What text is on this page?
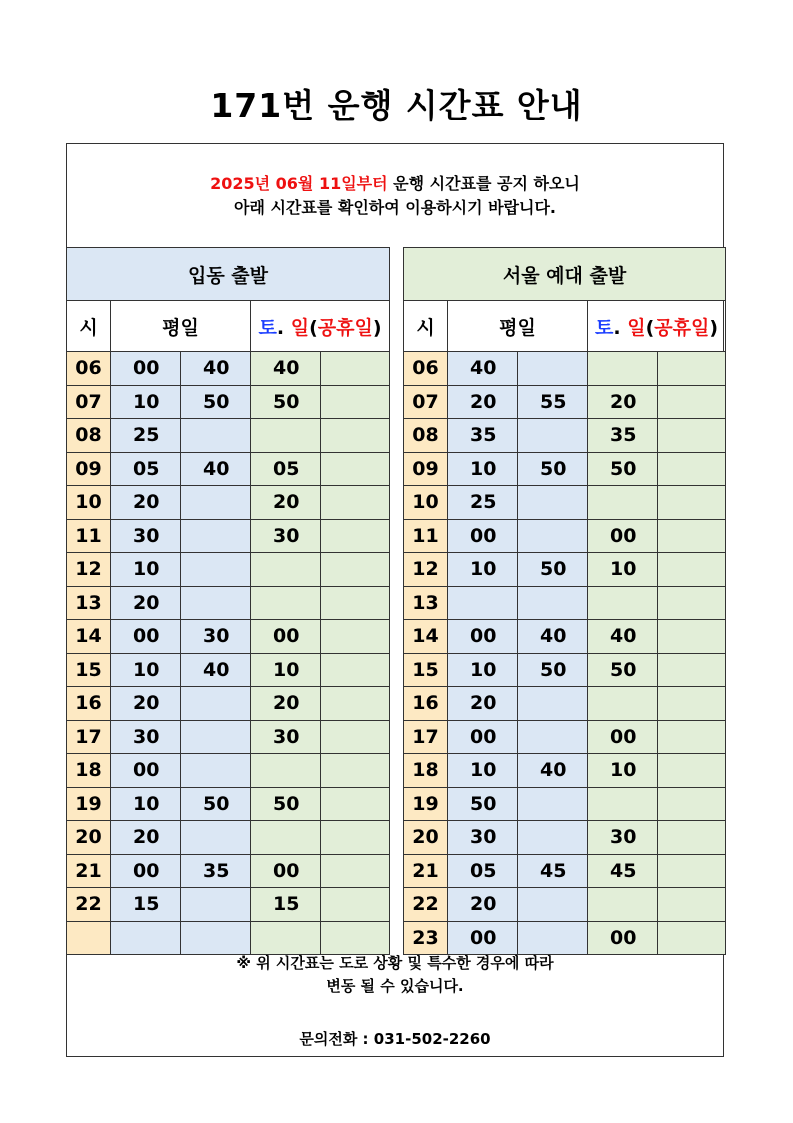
171번 운행 시간표 안내
2025년 06월 11일부터 운행 시간표를 공지 하오니
아래 시간표를 확인하여 이용하시기 바랍니다.
입동 출발				
시	평일		토. 일(공휴일)	
06	00	40	40	
07	10	50	50	
08	25			
09	05	40	05	
10	20		20	
11	30		30	
12	10			
13	20			
14	00	30	00	
15	10	40	10	
16	20		20	
17	30		30	
18	00			
19	10	50	50	
20	20			
21	00	35	00	
22	15		15	

서울 예대 출발				
시	평일		토. 일(공휴일)	
06	40			
07	20	55	20	
08	35		35	
09	10	50	50	
10	25			
11	00		00	
12	10	50	10	
13				
14	00	40	40	
15	10	50	50	
16	20			
17	00		00	
18	10	40	10	
19	50			
20	30		30	
21	05	45	45	
22	20			
23	00		00	
※ 위 시간표는 도로 상황 및 특수한 경우에 따라
변동 될 수 있습니다.
문의전화 : 031-502-2260
